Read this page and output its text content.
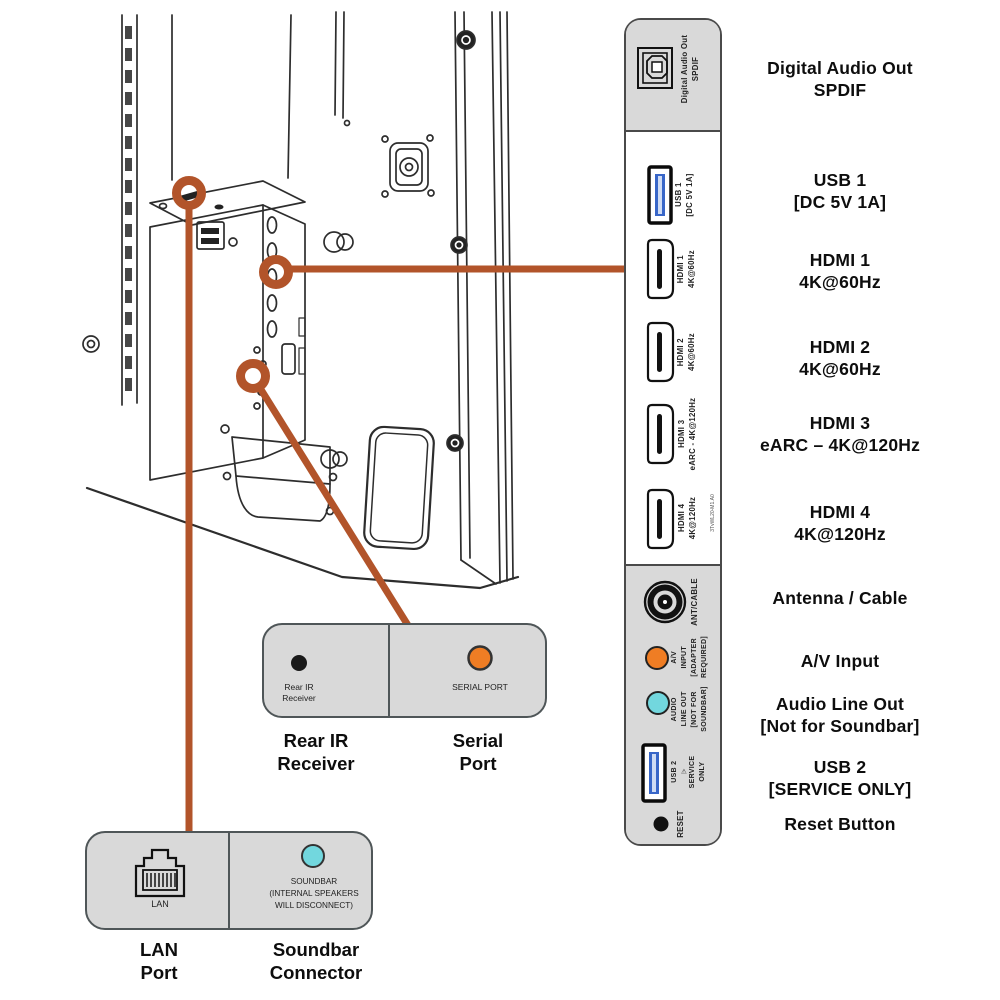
Digital Audio Out SPDIF
USB 1 [DC 5V 1A]
HDMI 1 4K@60Hz
HDMI 2 4K@60Hz
HDMI 3 eARC - 4K@120Hz
HDMI 4 4K@120Hz	3TvWL20-M1.A0
ANT/CABLE
A/V INPUT [ADAPTER REQUIRED]
AUDIO LINE OUT [NOT FOR SOUNDBAR]
USB 2 ⚠ SERVICE ONLY
RESET
Digital Audio Out
SPDIF
USB 1
[DC 5V 1A]
HDMI 1
4K@60Hz
HDMI 2
4K@60Hz
HDMI 3
eARC – 4K@120Hz
HDMI 4
4K@120Hz
Antenna / Cable
A/V Input
Audio Line Out
[Not for Soundbar]
USB 2
[SERVICE ONLY]
Reset Button
Rear IR
Receiver
SERIAL PORT
LAN
SOUNDBAR
(INTERNAL SPEAKERS
WILL DISCONNECT)
Rear IR
Receiver
Serial
Port
LAN
Port
Soundbar
Connector
